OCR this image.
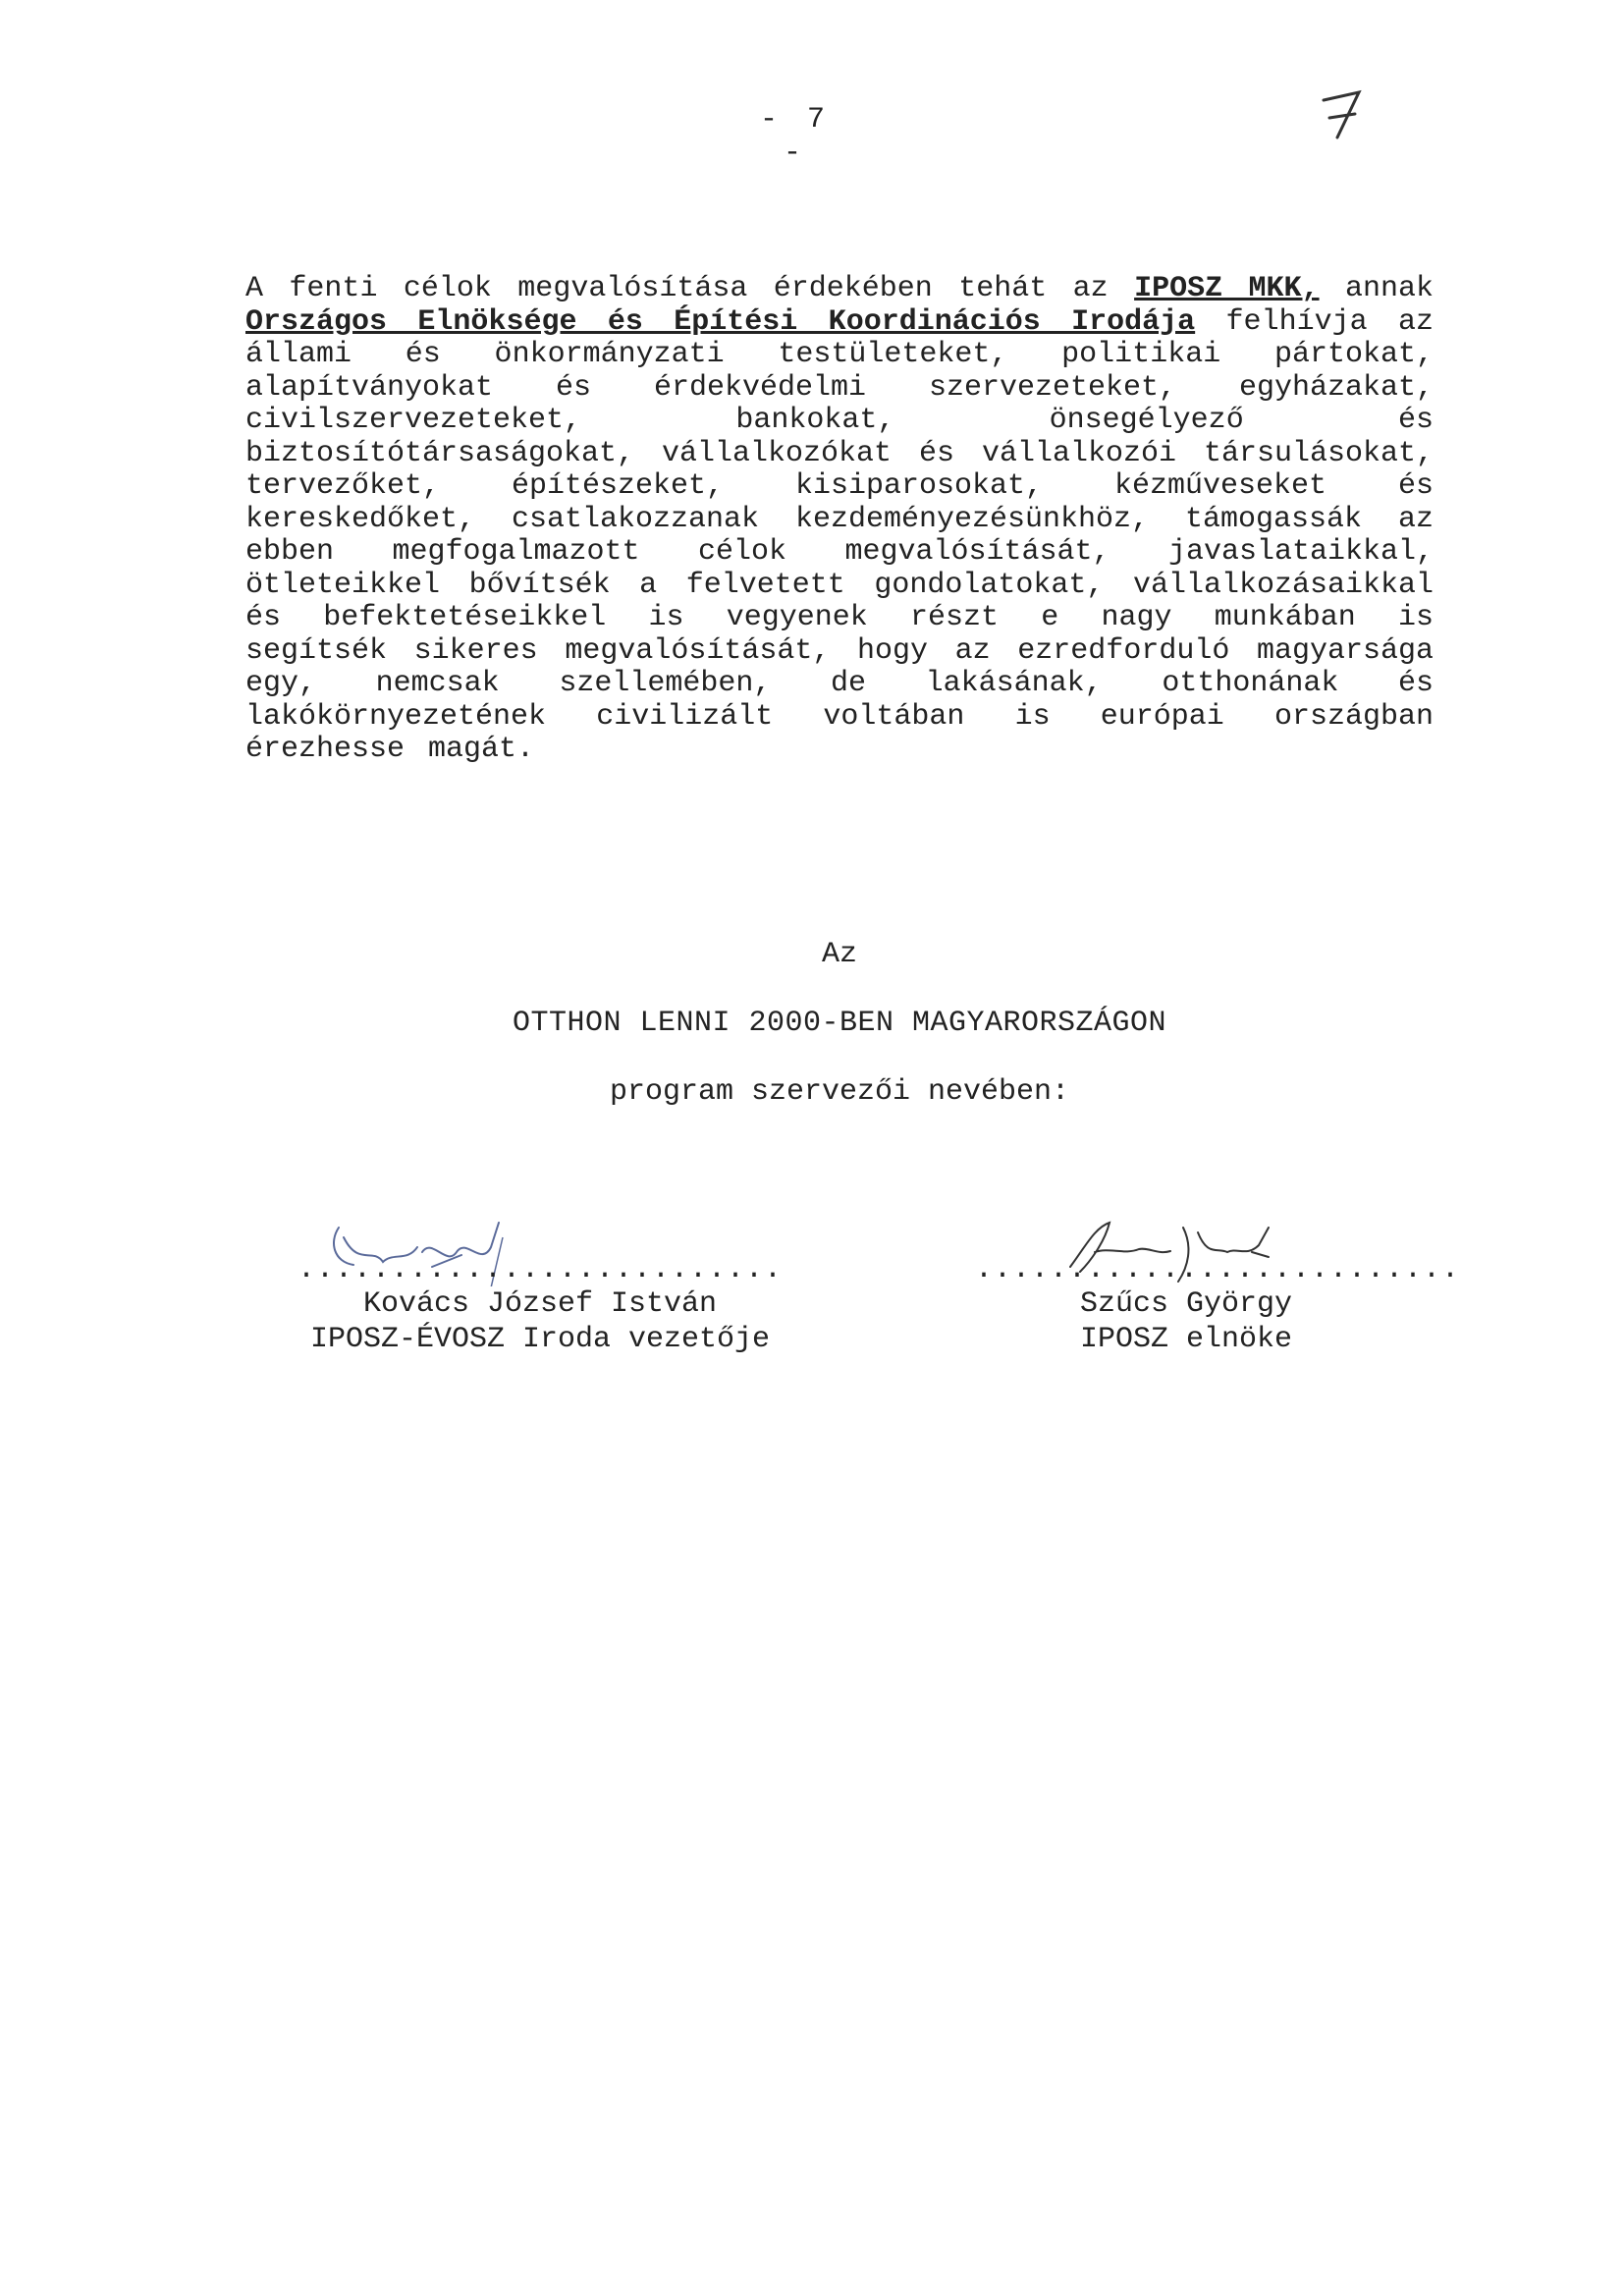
- 7 -
A fenti célok megvalósítása érdekében tehát az IPOSZ MKK, annak Országos Elnöksége és Építési Koordinációs Irodája felhívja az állami és önkormányzati testületeket, politikai pártokat, alapítványokat és érdekvédelmi szervezeteket, egyházakat, civilszervezeteket, bankokat, önsegélyező és biztosítótársaságokat, vállalkozókat és vállalkozói társulásokat, tervezőket, építészeket, kisiparosokat, kézműveseket és kereskedőket, csatlakozzanak kezdeményezésünkhöz, támogassák az ebben megfogalmazott célok megvalósítását, javaslataikkal, ötleteikkel bővítsék a felvetett gondolatokat, vállalkozásaikkal és befektetéseikkel is vegyenek részt e nagy munkában is segítsék sikeres megvalósítását, hogy az ezredforduló magyarsága egy, nemcsak szellemében, de lakásának, otthonának és lakókörnyezetének civilizált voltában is európai országban érezhesse magát.
Az
OTTHON LENNI 2000-BEN MAGYARORSZÁGON
program szervezői nevében:
..........................
Kovács József István
IPOSZ-ÉVOSZ Iroda vezetője
..........................
Szűcs György
IPOSZ elnöke
